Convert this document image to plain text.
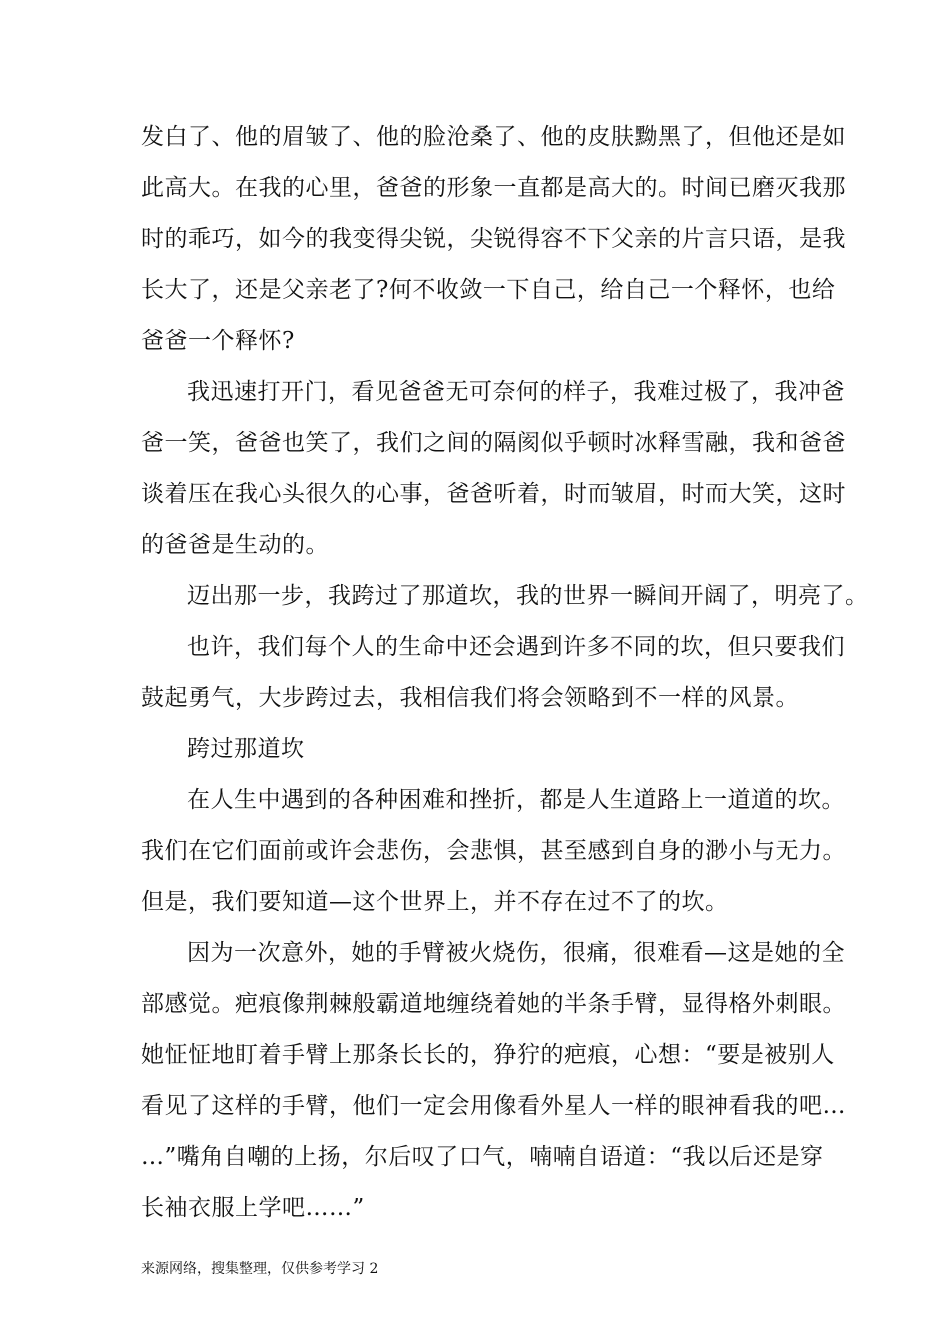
发白了、他的眉皱了、他的脸沧桑了、他的皮肤黝黑了，但他还是如
此高大。在我的心里，爸爸的形象一直都是高大的。时间已磨灭我那
时的乖巧，如今的我变得尖锐，尖锐得容不下父亲的片言只语，是我
长大了，还是父亲老了?何不收敛一下自己，给自己一个释怀，也给
爸爸一个释怀?
我迅速打开门，看见爸爸无可奈何的样子，我难过极了，我冲爸
爸一笑，爸爸也笑了，我们之间的隔阂似乎顿时冰释雪融，我和爸爸
谈着压在我心头很久的心事，爸爸听着，时而皱眉，时而大笑，这时
的爸爸是生动的。
迈出那一步，我跨过了那道坎，我的世界一瞬间开阔了，明亮了。
也许，我们每个人的生命中还会遇到许多不同的坎，但只要我们
鼓起勇气，大步跨过去，我相信我们将会领略到不一样的风景。
跨过那道坎
在人生中遇到的各种困难和挫折，都是人生道路上一道道的坎。
我们在它们面前或许会悲伤，会悲惧，甚至感到自身的渺小与无力。
但是，我们要知道—这个世界上，并不存在过不了的坎。
因为一次意外，她的手臂被火烧伤，很痛，很难看—这是她的全
部感觉。疤痕像荆棘般霸道地缠绕着她的半条手臂，显得格外刺眼。
她怔怔地盯着手臂上那条长长的，狰狞的疤痕，心想：“要是被别人
看见了这样的手臂，他们一定会用像看外星人一样的眼神看我的吧…
…”嘴角自嘲的上扬，尔后叹了口气，喃喃自语道：“我以后还是穿
长袖衣服上学吧……”
来源网络，搜集整理，仅供参考学习 2
